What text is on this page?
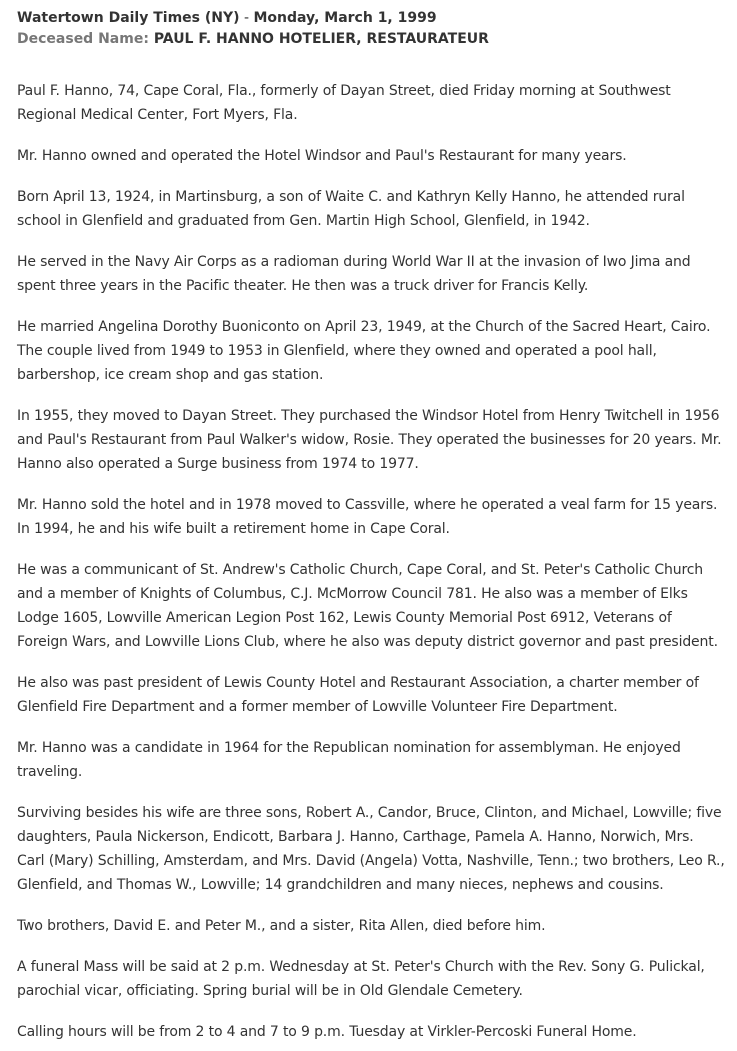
Watertown Daily Times (NY) - Monday, March 1, 1999
Deceased Name: PAUL F. HANNO HOTELIER, RESTAURATEUR

Paul F. Hanno, 74, Cape Coral, Fla., formerly of Dayan Street, died Friday morning at Southwest Regional Medical Center, Fort Myers, Fla.

Mr. Hanno owned and operated the Hotel Windsor and Paul's Restaurant for many years.

Born April 13, 1924, in Martinsburg, a son of Waite C. and Kathryn Kelly Hanno, he attended rural school in Glenfield and graduated from Gen. Martin High School, Glenfield, in 1942.

He served in the Navy Air Corps as a radioman during World War II at the invasion of Iwo Jima and spent three years in the Pacific theater. He then was a truck driver for Francis Kelly.

He married Angelina Dorothy Buoniconto on April 23, 1949, at the Church of the Sacred Heart, Cairo. The couple lived from 1949 to 1953 in Glenfield, where they owned and operated a pool hall, barbershop, ice cream shop and gas station.

In 1955, they moved to Dayan Street. They purchased the Windsor Hotel from Henry Twitchell in 1956 and Paul's Restaurant from Paul Walker's widow, Rosie. They operated the businesses for 20 years. Mr. Hanno also operated a Surge business from 1974 to 1977.

Mr. Hanno sold the hotel and in 1978 moved to Cassville, where he operated a veal farm for 15 years. In 1994, he and his wife built a retirement home in Cape Coral.

He was a communicant of St. Andrew's Catholic Church, Cape Coral, and St. Peter's Catholic Church and a member of Knights of Columbus, C.J. McMorrow Council 781. He also was a member of Elks Lodge 1605, Lowville American Legion Post 162, Lewis County Memorial Post 6912, Veterans of Foreign Wars, and Lowville Lions Club, where he also was deputy district governor and past president.

He also was past president of Lewis County Hotel and Restaurant Association, a charter member of Glenfield Fire Department and a former member of Lowville Volunteer Fire Department.

Mr. Hanno was a candidate in 1964 for the Republican nomination for assemblyman. He enjoyed traveling.

Surviving besides his wife are three sons, Robert A., Candor, Bruce, Clinton, and Michael, Lowville; five daughters, Paula Nickerson, Endicott, Barbara J. Hanno, Carthage, Pamela A. Hanno, Norwich, Mrs. Carl (Mary) Schilling, Amsterdam, and Mrs. David (Angela) Votta, Nashville, Tenn.; two brothers, Leo R., Glenfield, and Thomas W., Lowville; 14 grandchildren and many nieces, nephews and cousins.

Two brothers, David E. and Peter M., and a sister, Rita Allen, died before him.

A funeral Mass will be said at 2 p.m. Wednesday at St. Peter's Church with the Rev. Sony G. Pulickal, parochial vicar, officiating. Spring burial will be in Old Glendale Cemetery.

Calling hours will be from 2 to 4 and 7 to 9 p.m. Tuesday at Virkler-Percoski Funeral Home.
